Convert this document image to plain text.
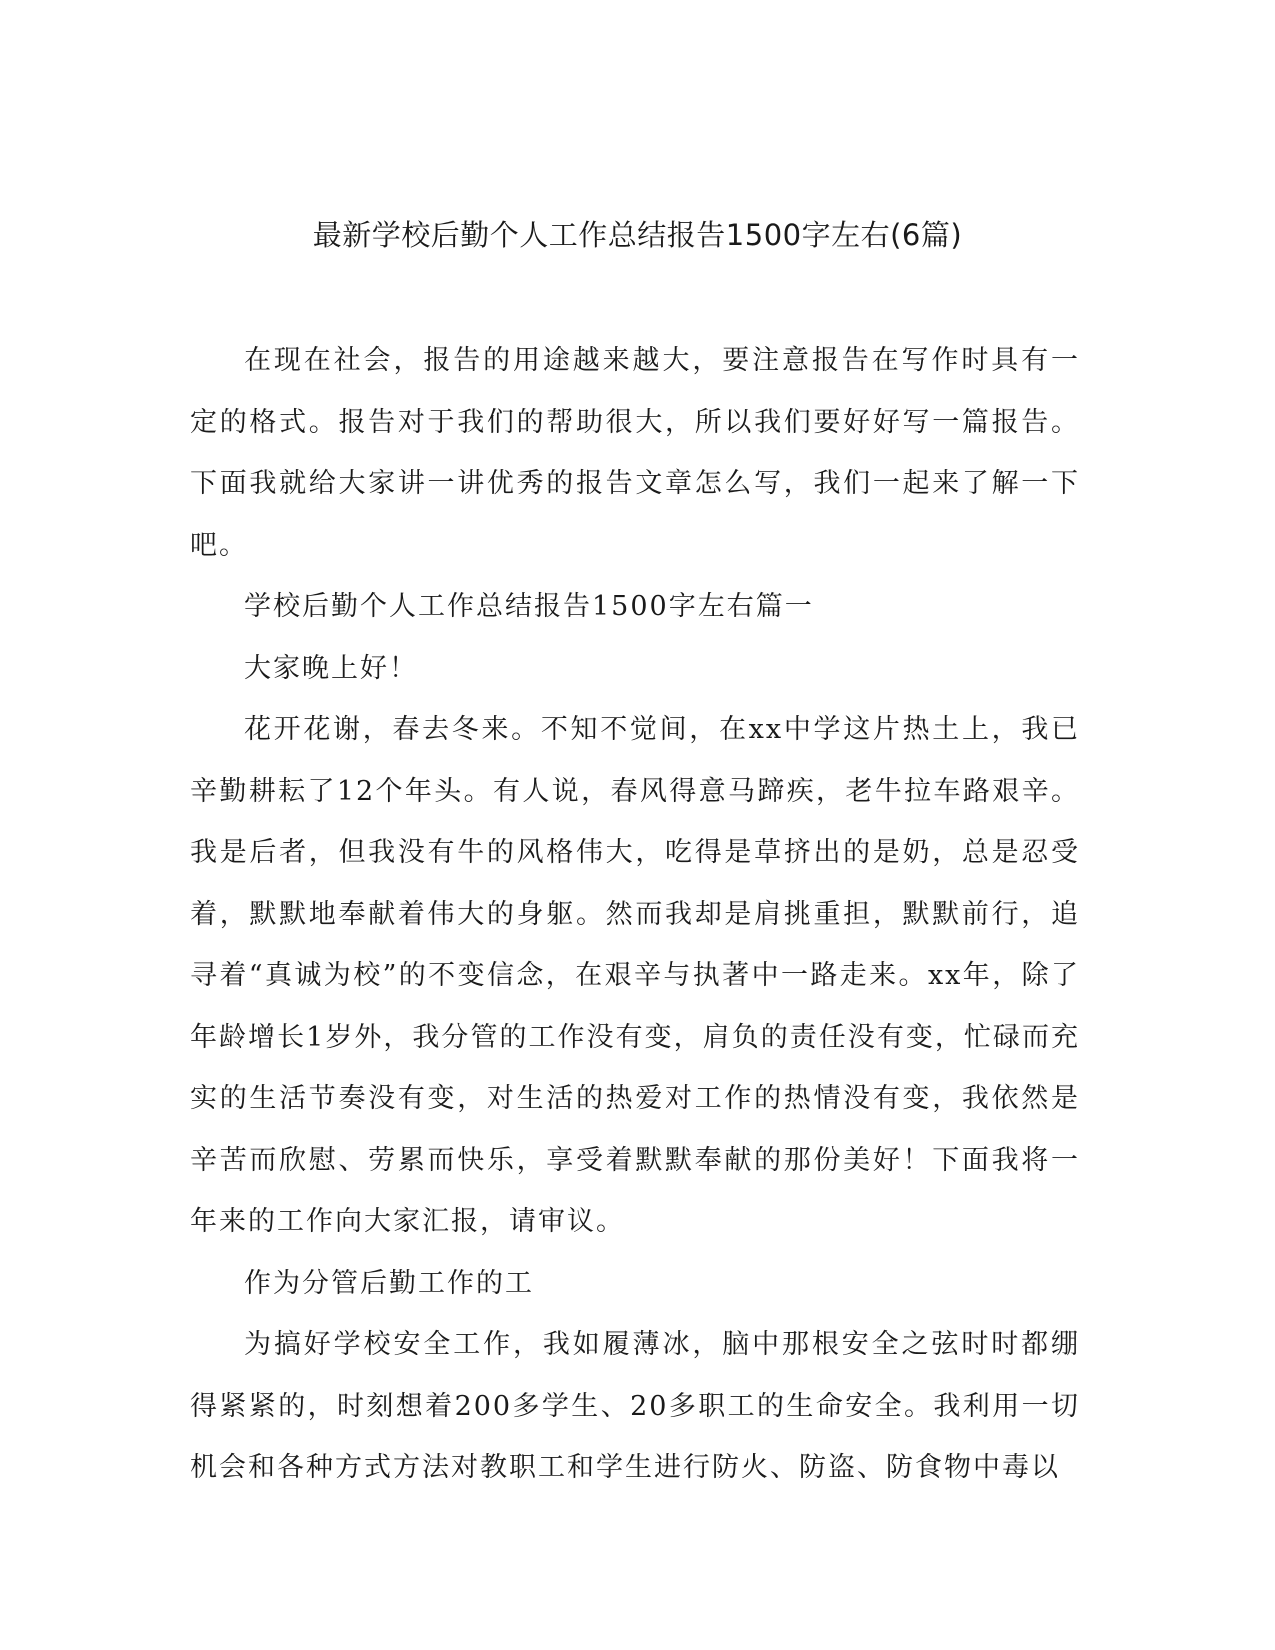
最新学校后勤个人工作总结报告1500字左右(6篇)

在现在社会，报告的用途越来越大，要注意报告在写作时具有一定的格式。报告对于我们的帮助很大，所以我们要好好写一篇报告。下面我就给大家讲一讲优秀的报告文章怎么写，我们一起来了解一下吧。

学校后勤个人工作总结报告1500字左右篇一

大家晚上好！

花开花谢，春去冬来。不知不觉间，在xx中学这片热土上，我已辛勤耕耘了12个年头。有人说，春风得意马蹄疾，老牛拉车路艰辛。我是后者，但我没有牛的风格伟大，吃得是草挤出的是奶，总是忍受着，默默地奉献着伟大的身躯。然而我却是肩挑重担，默默前行，追寻着“真诚为校”的不变信念，在艰辛与执著中一路走来。xx年，除了年龄增长1岁外，我分管的工作没有变，肩负的责任没有变，忙碌而充实的生活节奏没有变，对生活的热爱对工作的热情没有变，我依然是辛苦而欣慰、劳累而快乐，享受着默默奉献的那份美好！下面我将一年来的工作向大家汇报，请审议。

作为分管后勤工作的工

为搞好学校安全工作，我如履薄冰，脑中那根安全之弦时时都绷得紧紧的，时刻想着200多学生、20多职工的生命安全。我利用一切机会和各种方式方法对教职工和学生进行防火、防盗、防食物中毒以
